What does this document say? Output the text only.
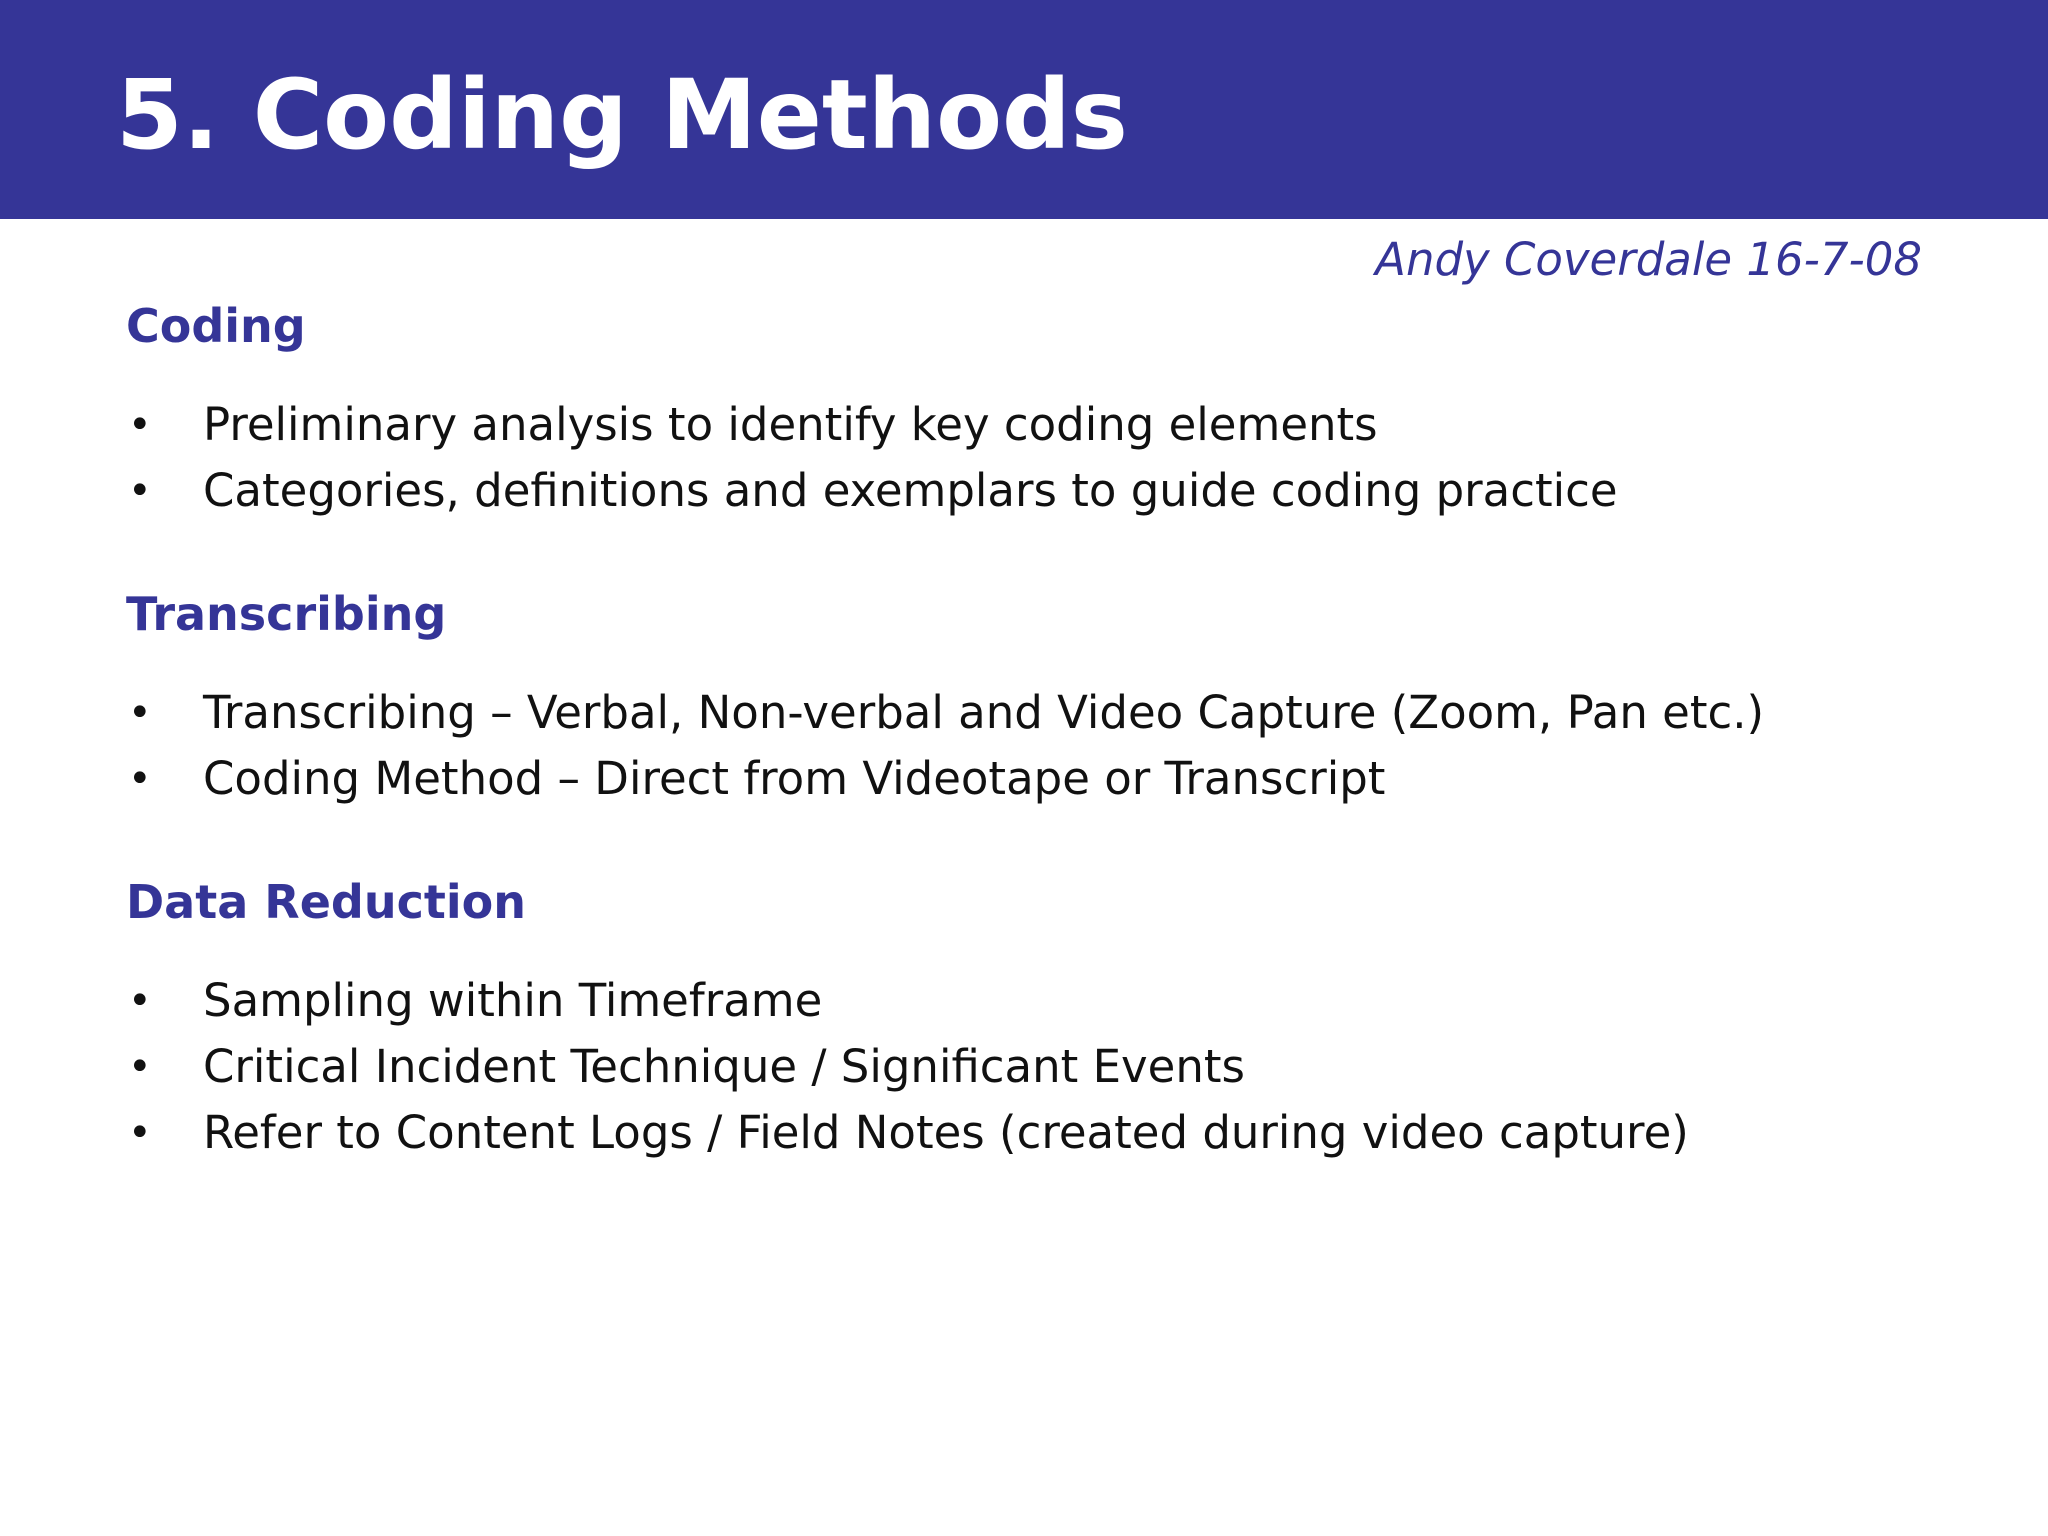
5. Coding Methods
Andy Coverdale 16-7-08
Coding
• Preliminary analysis to identify key coding elements
• Categories, definitions and exemplars to guide coding practice
Transcribing
• Transcribing – Verbal, Non-verbal and Video Capture (Zoom, Pan etc.)
• Coding Method – Direct from Videotape or Transcript
Data Reduction
• Sampling within Timeframe
• Critical Incident Technique / Significant Events
• Refer to Content Logs / Field Notes (created during video capture)
